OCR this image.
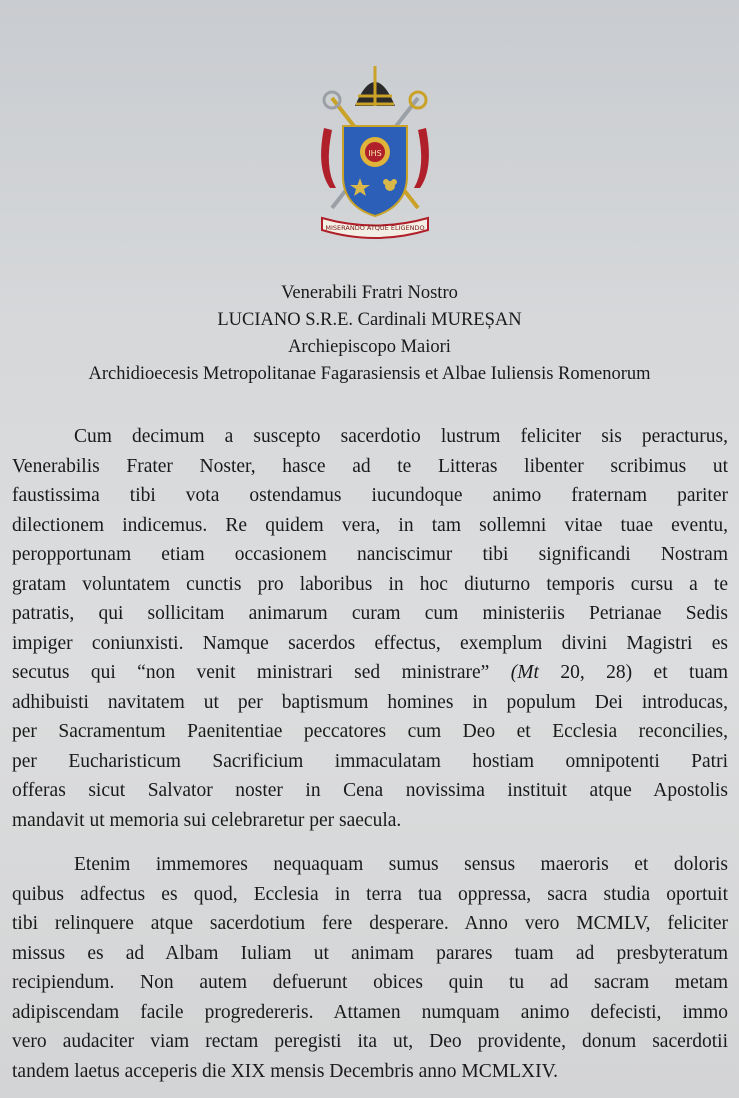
IHS
MISERANDO ATQUE ELIGENDO
Venerabili Fratri Nostro
LUCIANO S.R.E. Cardinali MUREȘAN
Archiepiscopo Maiori
Archidioecesis Metropolitanae Fagarasiensis et Albae Iuliensis Romenorum

Cum decimum a suscepto sacerdotio lustrum feliciter sis peracturus,
Venerabilis Frater Noster, hasce ad te Litteras libenter scribimus ut
faustissima tibi vota ostendamus iucundoque animo fraternam pariter
dilectionem indicemus. Re quidem vera, in tam sollemni vitae tuae eventu,
peropportunam etiam occasionem nanciscimur tibi significandi Nostram
gratam voluntatem cunctis pro laboribus in hoc diuturno temporis cursu a te
patratis, qui sollicitam animarum curam cum ministeriis Petrianae Sedis
impiger coniunxisti. Namque sacerdos effectus, exemplum divini Magistri es
secutus qui “non venit ministrari sed ministrare” (Mt 20, 28) et tuam
adhibuisti navitatem ut per baptismum homines in populum Dei introducas,
per Sacramentum Paenitentiae peccatores cum Deo et Ecclesia reconcilies,
per Eucharisticum Sacrificium immaculatam hostiam omnipotenti Patri
offeras sicut Salvator noster in Cena novissima instituit atque Apostolis
mandavit ut memoria sui celebraretur per saecula.

Etenim immemores nequaquam sumus sensus maeroris et doloris
quibus adfectus es quod, Ecclesia in terra tua oppressa, sacra studia oportuit
tibi relinquere atque sacerdotium fere desperare. Anno vero MCMLV, feliciter
missus es ad Albam Iuliam ut animam parares tuam ad presbyteratum
recipiendum. Non autem defuerunt obices quin tu ad sacram metam
adipiscendam facile progredereris. Attamen numquam animo defecisti, immo
vero audaciter viam rectam peregisti ita ut, Deo providente, donum sacerdotii
tandem laetus acceperis die XIX mensis Decembris anno MCMLXIV.
